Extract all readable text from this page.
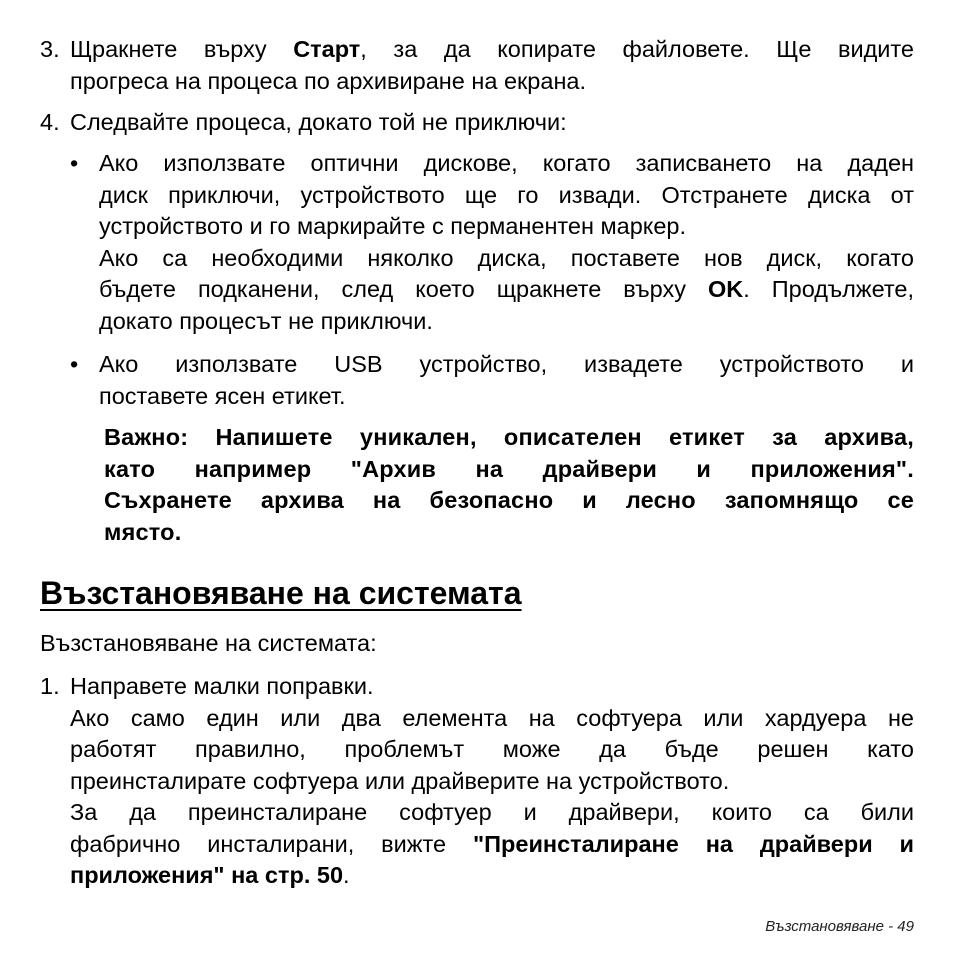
3. Щракнете върху Старт, за да копирате файловете. Ще видите
прогреса на процеса по архивиране на екрана.
4. Следвайте процеса, докато той не приключи:
• Ако използвате оптични дискове, когато записването на даден
диск приключи, устройството ще го извади. Отстранете диска от
устройството и го маркирайте с перманентен маркер.
Ако са необходими няколко диска, поставете нов диск, когато
бъдете подканени, след което щракнете върху OK. Продължете,
докато процесът не приключи.
• Ако използвате USB устройство, извадете устройството и
поставете ясен етикет.
Важно: Напишете уникален, описателен етикет за архива,
като например "Архив на драйвери и приложения".
Съхранете архива на безопасно и лесно запомнящо се
място.
Възстановяване на системата
Възстановяване на системата:
1. Направете малки поправки.
Ако само един или два елемента на софтуера или хардуера не
работят правилно, проблемът може да бъде решен като
преинсталирате софтуера или драйверите на устройството.
За да преинсталиране софтуер и драйвери, които са били
фабрично инсталирани, вижте "Преинсталиране на драйвери и
приложения" на стр. 50.
Възстановяване - 49
